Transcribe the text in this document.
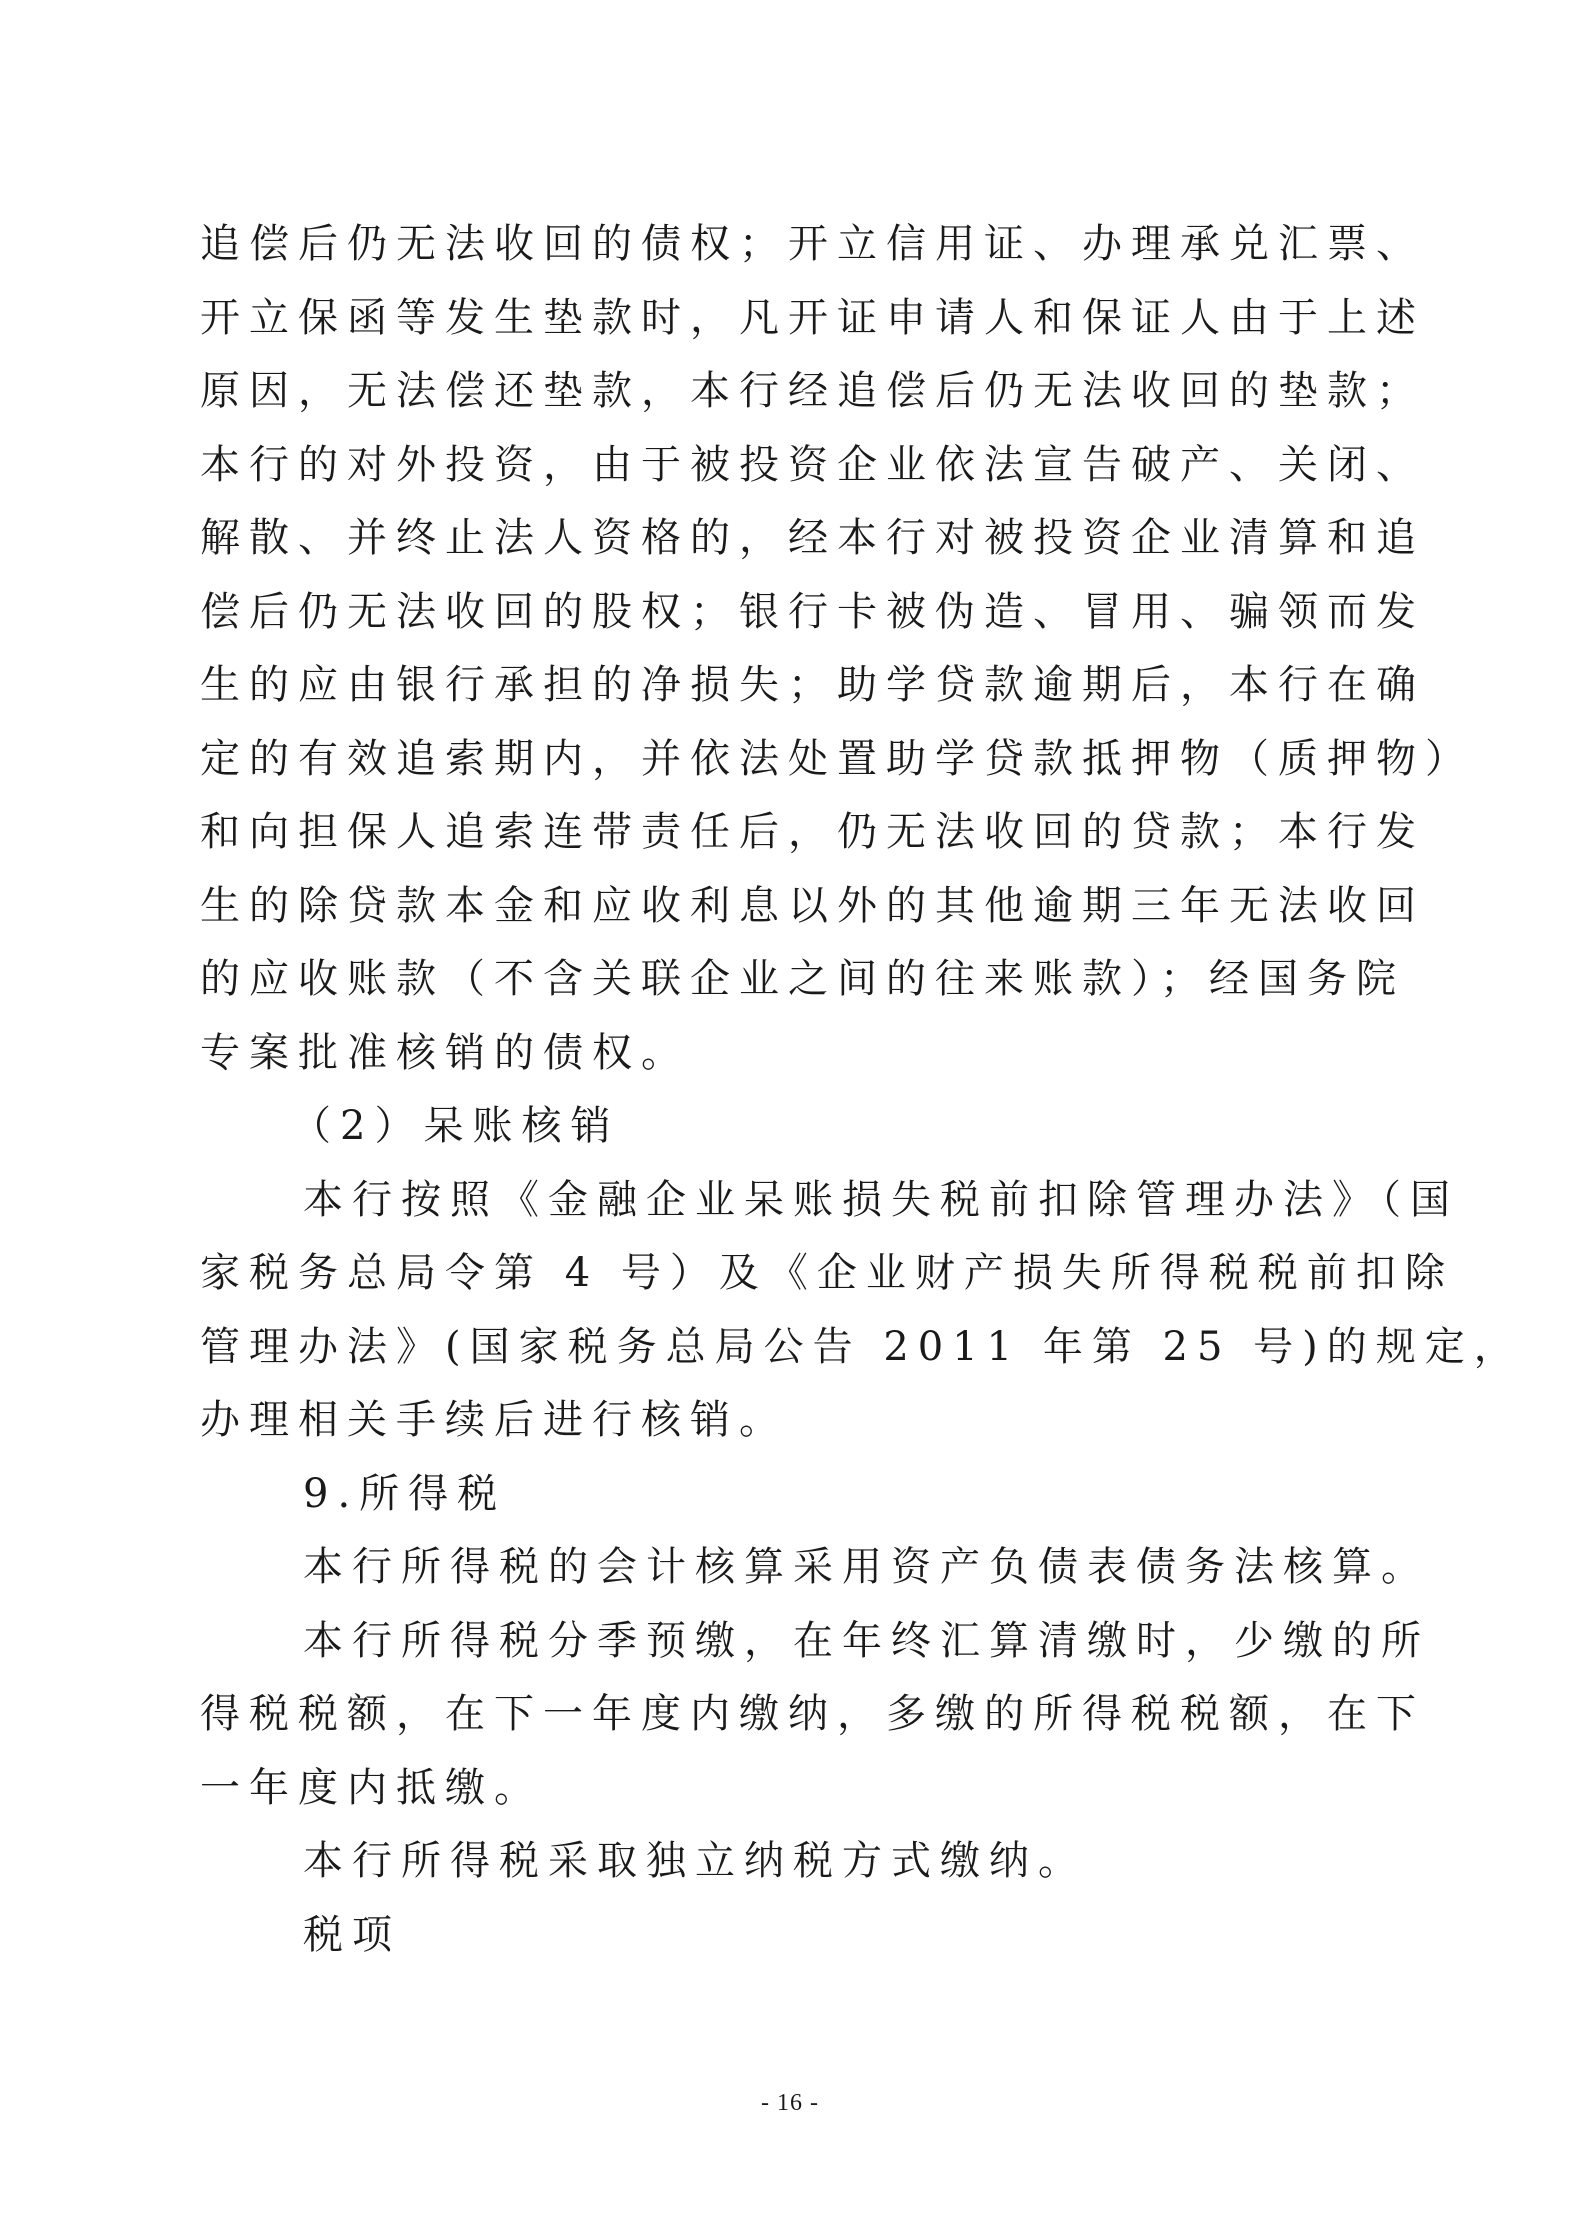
追偿后仍无法收回的债权；开立信用证、办理承兑汇票、
开立保函等发生垫款时，凡开证申请人和保证人由于上述
原因，无法偿还垫款，本行经追偿后仍无法收回的垫款；
本行的对外投资，由于被投资企业依法宣告破产、关闭、
解散、并终止法人资格的，经本行对被投资企业清算和追
偿后仍无法收回的股权；银行卡被伪造、冒用、骗领而发
生的应由银行承担的净损失；助学贷款逾期后，本行在确
定的有效追索期内，并依法处置助学贷款抵押物（质押物）
和向担保人追索连带责任后，仍无法收回的贷款；本行发
生的除贷款本金和应收利息以外的其他逾期三年无法收回
的应收账款（不含关联企业之间的往来账款）；经国务院
专案批准核销的债权。
（2）呆账核销
本行按照《金融企业呆账损失税前扣除管理办法》（国
家税务总局令第 4 号）及《企业财产损失所得税税前扣除
管理办法》(国家税务总局公告 2011 年第 25 号)的规定，
办理相关手续后进行核销。
9.所得税
本行所得税的会计核算采用资产负债表债务法核算。
本行所得税分季预缴，在年终汇算清缴时，少缴的所
得税税额，在下一年度内缴纳，多缴的所得税税额，在下
一年度内抵缴。
本行所得税采取独立纳税方式缴纳。
税项
- 16 -
